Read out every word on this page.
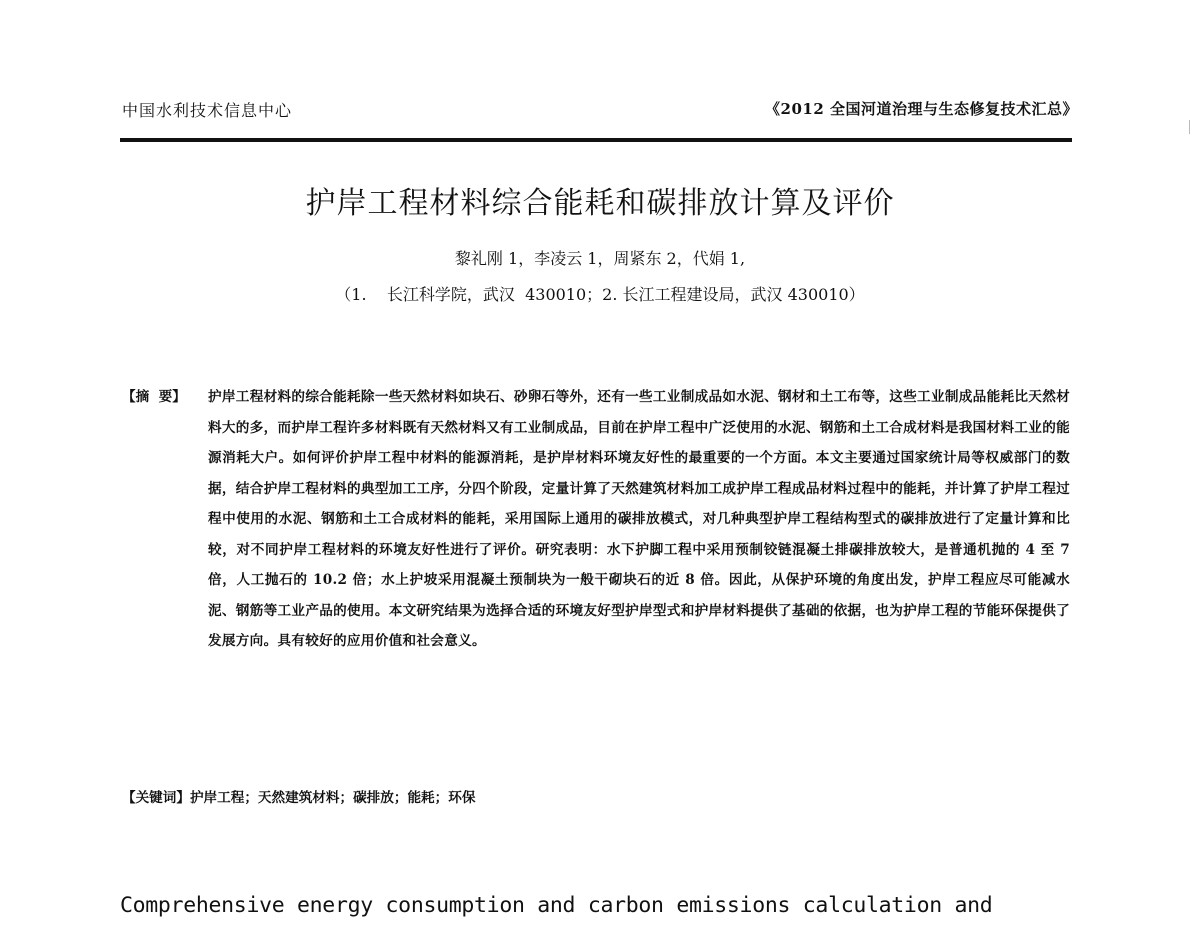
中国水利技术信息中心	《2012 全国河道治理与生态修复技术汇总》
护岸工程材料综合能耗和碳排放计算及评价
黎礼刚 1，李凌云 1，周紧东 2，代娟 1,
（1.    长江科学院，武汉  430010；2. 长江工程建设局，武汉 430010）
【摘  要】 护岸工程材料的综合能耗除一些天然材料如块石、砂卵石等外，还有一些工业制成品如水泥、钢材和土工布等，这些工业制成品能耗比天然材料大的多，而护岸工程许多材料既有天然材料又有工业制成品，目前在护岸工程中广泛使用的水泥、钢筋和土工合成材料是我国材料工业的能源消耗大户。如何评价护岸工程中材料的能源消耗，是护岸材料环境友好性的最重要的一个方面。本文主要通过国家统计局等权威部门的数据，结合护岸工程材料的典型加工工序，分四个阶段，定量计算了天然建筑材料加工成护岸工程成品材料过程中的能耗，并计算了护岸工程过程中使用的水泥、钢筋和土工合成材料的能耗，采用国际上通用的碳排放模式，对几种典型护岸工程结构型式的碳排放进行了定量计算和比较，对不同护岸工程材料的环境友好性进行了评价。研究表明：水下护脚工程中采用预制铰链混凝土排碳排放较大，是普通机抛的 4 至 7 倍，人工抛石的 10.2 倍；水上护坡采用混凝土预制块为一般干砌块石的近 8 倍。因此，从保护环境的角度出发，护岸工程应尽可能减水泥、钢筋等工业产品的使用。本文研究结果为选择合适的环境友好型护岸型式和护岸材料提供了基础的依据，也为护岸工程的节能环保提供了发展方向。具有较好的应用价值和社会意义。
【关键词】护岸工程；天然建筑材料；碳排放；能耗；环保
Comprehensive energy consumption and carbon emissions calculation and
